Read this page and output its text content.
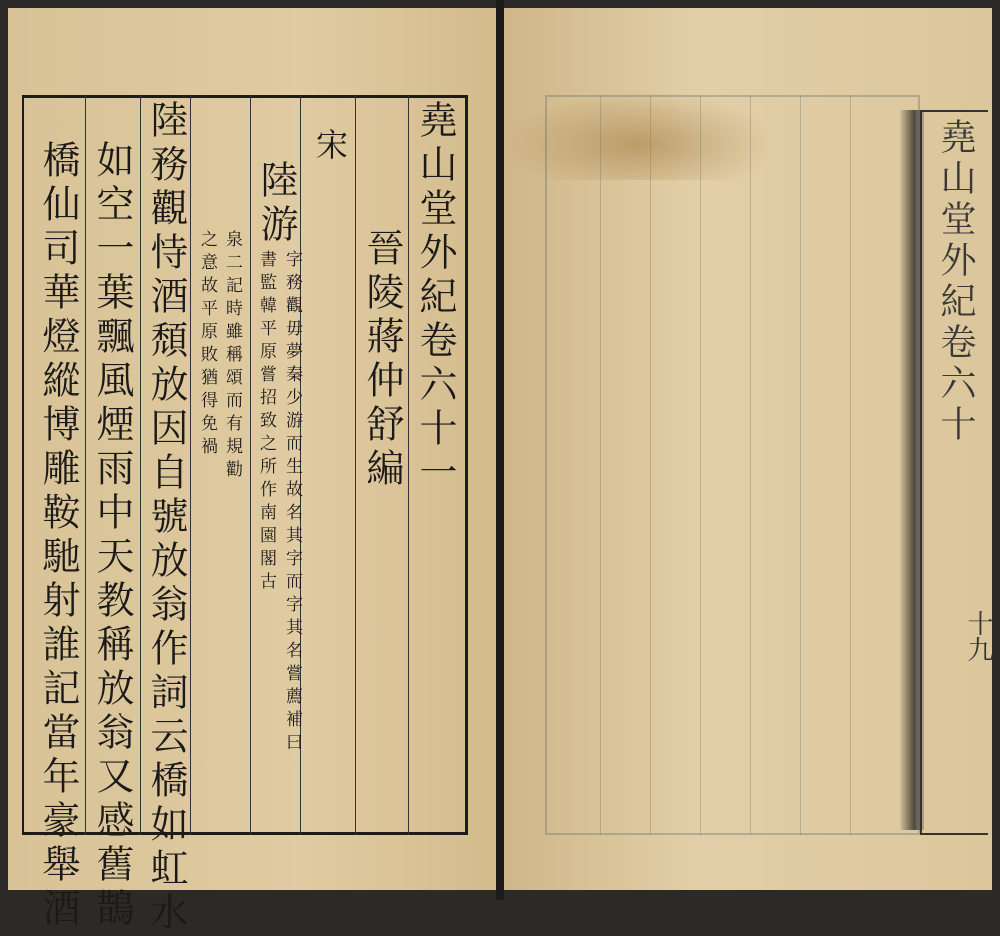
堯山堂外紀卷六十一
晉陵蔣仲舒編
宋
陸游
字務觀毋夢秦少游而生故名其字而字其名嘗薦補曰
書監韓平原嘗招致之所作南園閣古
泉二記時雖稱頌而有規勸
之意故平原敗猶得免禍
陸務觀恃酒頹放因自號放翁作詞云橋如虹水
如空一葉飄風煙雨中天教稱放翁又感舊鵲
橋仙司華燈縱博雕鞍馳射誰記當年豪舉酒	堯山堂外紀卷六十
十九
